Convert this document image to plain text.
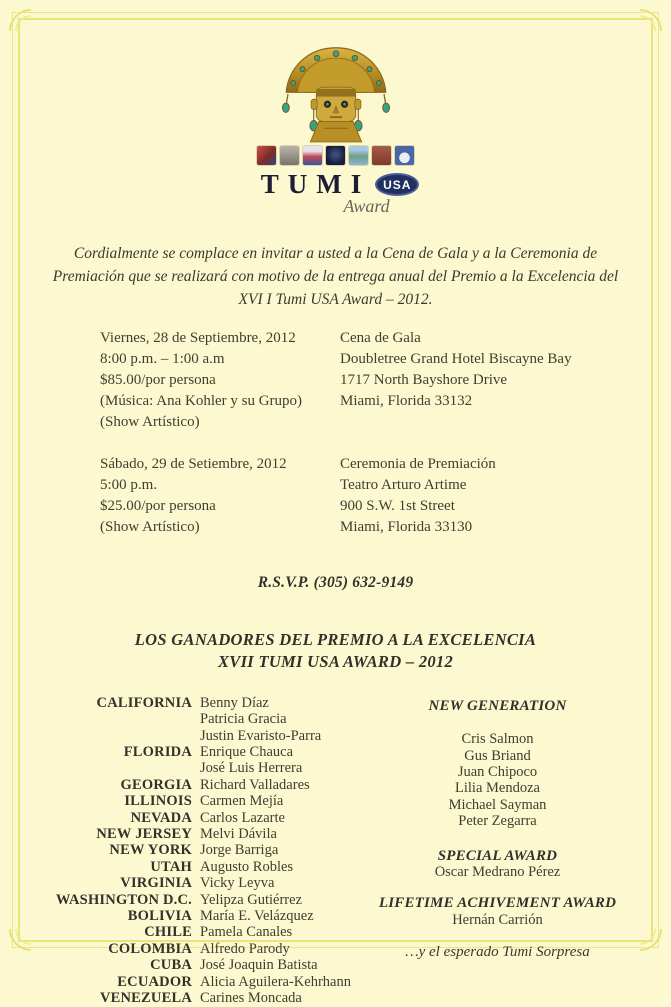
TUMI	USA
Award

Cordialmente se complace en invitar a usted a la Cena de Gala y a la Ceremonia de Premiación que se realizará con motivo de la entrega anual del Premio a la Excelencia del XVI I Tumi USA Award – 2012.

Viernes, 28 de Septiembre, 2012
8:00 p.m. – 1:00 a.m
$85.00/por persona
(Música: Ana Kohler y su Grupo)
(Show Artístico)
Cena de Gala
Doubletree Grand Hotel Biscayne Bay
1717 North Bayshore Drive
Miami, Florida 33132
Sábado, 29 de Setiembre, 2012
5:00 p.m.
$25.00/por persona
(Show Artístico)
Ceremonia de Premiación
Teatro Arturo Artime
900 S.W. 1st Street
Miami, Florida 33130

R.S.V.P. (305) 632-9149

LOS GANADORES DEL PREMIO A LA EXCELENCIA
XVII TUMI USA AWARD – 2012
CALIFORNIA Benny Díaz
Patricia Gracia
Justin Evaristo-Parra
FLORIDA Enrique Chauca
José Luis Herrera
GEORGIA Richard Valladares
ILLINOIS Carmen Mejía
NEVADA Carlos Lazarte
NEW JERSEY Melvi Dávila
NEW YORK Jorge Barriga
UTAH Augusto Robles
VIRGINIA Vicky Leyva
WASHINGTON D.C. Yelipza Gutiérrez
BOLIVIA María E. Velázquez
CHILE Pamela Canales
COLOMBIA Alfredo Parody
CUBA José Joaquin Batista
ECUADOR Alicia Aguilera-Kehrhann
VENEZUELA Carines Moncada
NEW GENERATION
Cris Salmon
Gus Briand
Juan Chipoco
Lilia Mendoza
Michael Sayman
Peter Zegarra
SPECIAL AWARD
Oscar Medrano Pérez
LIFETIME ACHIVEMENT AWARD
Hernán Carrión
…y el esperado Tumi Sorpresa
